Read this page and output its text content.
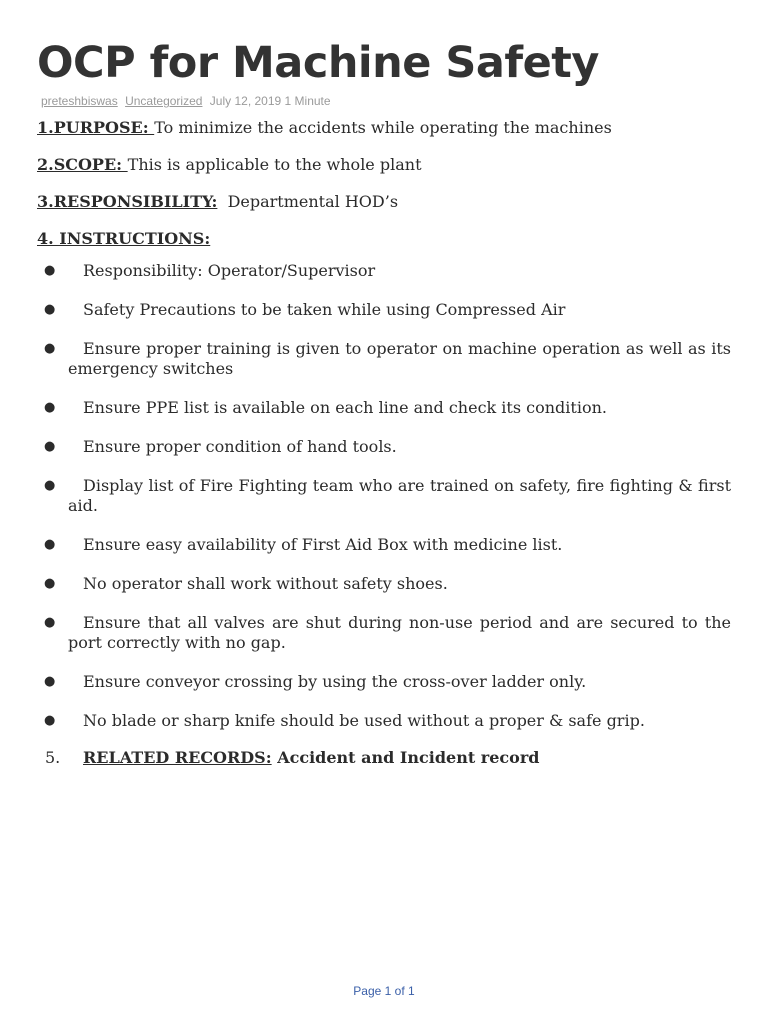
OCP for Machine Safety
preteshbiswas Uncategorized July 12, 2019 1 Minute

1.PURPOSE: To minimize the accidents while operating the machines

2.SCOPE: This is applicable to the whole plant

3.RESPONSIBILITY:  Departmental HOD’s

4. INSTRUCTIONS:

● Responsibility: Operator/Supervisor
● Safety Precautions to be taken while using Compressed Air
● Ensure proper training is given to operator on machine operation as well as its emergency switches
● Ensure PPE list is available on each line and check its condition.
● Ensure proper condition of hand tools.
● Display list of Fire Fighting team who are trained on safety, fire fighting & first aid.
● Ensure easy availability of First Aid Box with medicine list.
● No operator shall work without safety shoes.
● Ensure that all valves are shut during non-use period and are secured to the port correctly with no gap.
● Ensure conveyor crossing by using the cross-over ladder only.
● No blade or sharp knife should be used without a proper & safe grip.

5. RELATED RECORDS: Accident and Incident record

Page 1 of 1
